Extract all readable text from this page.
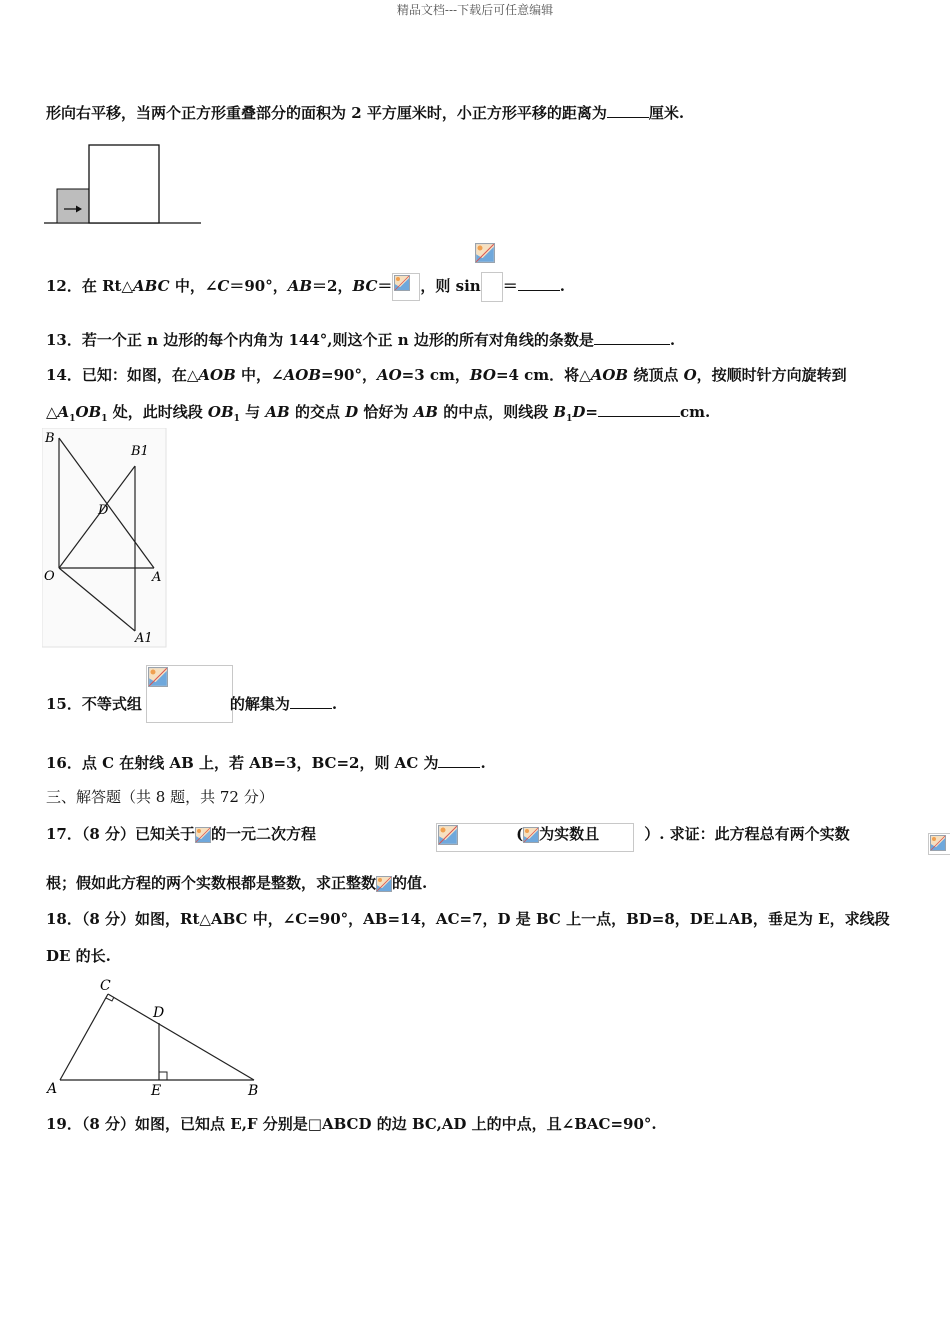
精品文档---下载后可任意编辑
形向右平移，当两个正方形重叠部分的面积为 2 平方厘米时，小正方形平移的距离为	厘米.
12．在 Rt△ABC 中，∠C＝90°，AB＝2，BC＝ ，则 sin ＝	.
13．若一个正 n 边形的每个内角为 144°,则这个正 n 边形的所有对角线的条数是	.
14．已知：如图，在△AOB 中，∠AOB=90°，AO=3 cm，BO=4 cm．将△AOB 绕顶点 O，按顺时针方向旋转到
$\triangle A_1OB_1$ 处，此时线段 $OB_1$ 与 AB 的交点 D 恰好为 AB 的中点，则线段 $B_1D=$	cm.
B
B1
D
O	A
A1

15．不等式组	的解集为	.
16．点 C 在射线 AB 上，若 AB=3，BC=2，则 AC 为	.
三、解答题（共 8 题，共 72 分）

17．（8 分）已知关于 的一元二次方程	( 为实数且	）. 求证：此方程总有两个实数
根；假如此方程的两个实数根都是整数，求正整数 的值.
18．（8 分）如图，Rt△ABC 中，∠C=90°，AB=14，AC=7，D 是 BC 上一点，BD=8，DE⊥AB，垂足为 E，求线段
DE 的长.
C
D
A	E	B
19．（8 分）如图，已知点 E,F 分别是□ABCD 的边 BC,AD 上的中点，且∠BAC=90°.
